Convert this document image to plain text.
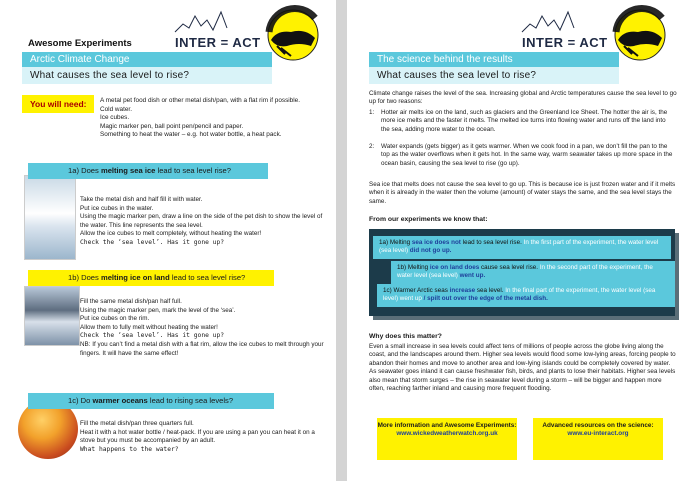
Awesome Experiments	INTER = ACT
Arctic Climate Change
What causes the sea level to rise?
You will need:	A metal pet food dish or other metal dish/pan, with a flat rim if possible.
Cold water.
Ice cubes.
Magic marker pen, ball point pen/pencil and paper.
Something to heat the water – e.g. hot water bottle, a heat pack.
1a) Does melting sea ice lead to sea level rise?
Take the metal dish and half fill it with water.
Put ice cubes in the water.
Using the magic marker pen, draw a line on the side of the pet dish to show the level of the water. This line represents the sea level.
Allow the ice cubes to melt completely, without heating the water!
Check the ‘sea level’. Has it gone up?
1b) Does melting ice on land lead to sea level rise?
Fill the same metal dish/pan half full.
Using the magic marker pen, mark the level of the ‘sea’.
Put ice cubes on the rim.
Allow them to fully melt without heating the water!
Check the ‘sea level’. Has it gone up?
NB: If you can’t find a metal dish with a flat rim, allow the ice cubes to melt through your fingers. It will have the same effect!
1c) Do warmer oceans lead to rising sea levels?
Fill the metal dish/pan three quarters full.
Heat it with a hot water bottle / heat-pack. If you are using a pan you can heat it on a stove but you must be accompanied by an adult.
What happens to the water?
INTER = ACT
The science behind the results
What causes the sea level to rise?
Climate change raises the level of the sea. Increasing global and Arctic temperatures cause the sea level to go up for two reasons:
1:	Hotter air melts ice on the land, such as glaciers and the Greenland Ice Sheet. The hotter the air is, the more ice melts and the faster it melts. The melted ice turns into flowing water and runs off the land into the sea, adding more water to the ocean.
2:	Water expands (gets bigger) as it gets warmer. When we cook food in a pan, we don’t fill the pan to the top as the water overflows when it gets hot. In the same way, warm seawater takes up more space in the ocean basin, causing the sea level to rise (go up).
Sea ice that melts does not cause the sea level to go up. This is because ice is just frozen water and if it melts when it is already in the water then the volume (amount) of water stays the same, and the sea level stays the same.
From our experiments we know that:
1a) Melting sea ice does not lead to sea level rise. In the first part of the experiment, the water level (sea level) did not go up.
1b) Melting ice on land does cause sea level rise. In the second part of the experiment, the water level (sea level) went up.
1c) Warmer Arctic seas increase sea level. In the final part of the experiment, the water level (sea level) went up / spilt out over the edge of the metal dish.
Why does this matter?
Even a small increase in sea levels could affect tens of millions of people across the globe living along the coast, and the landscapes around them. Higher sea levels would flood some low-lying areas, forcing people to abandon their homes and move to another area and low-lying islands could be completely covered by water. As seawater goes inland it can cause freshwater fish, birds, and plants to lose their habitats. Higher sea levels also mean that storm surges – the rise in seawater level during a storm – will be bigger and happen more often, reaching farther inland and causing more frequent flooding.
More information and Awesome Experiments:
www.wickedweatherwatch.org.uk
Advanced resources on the science:
www.eu-interact.org
